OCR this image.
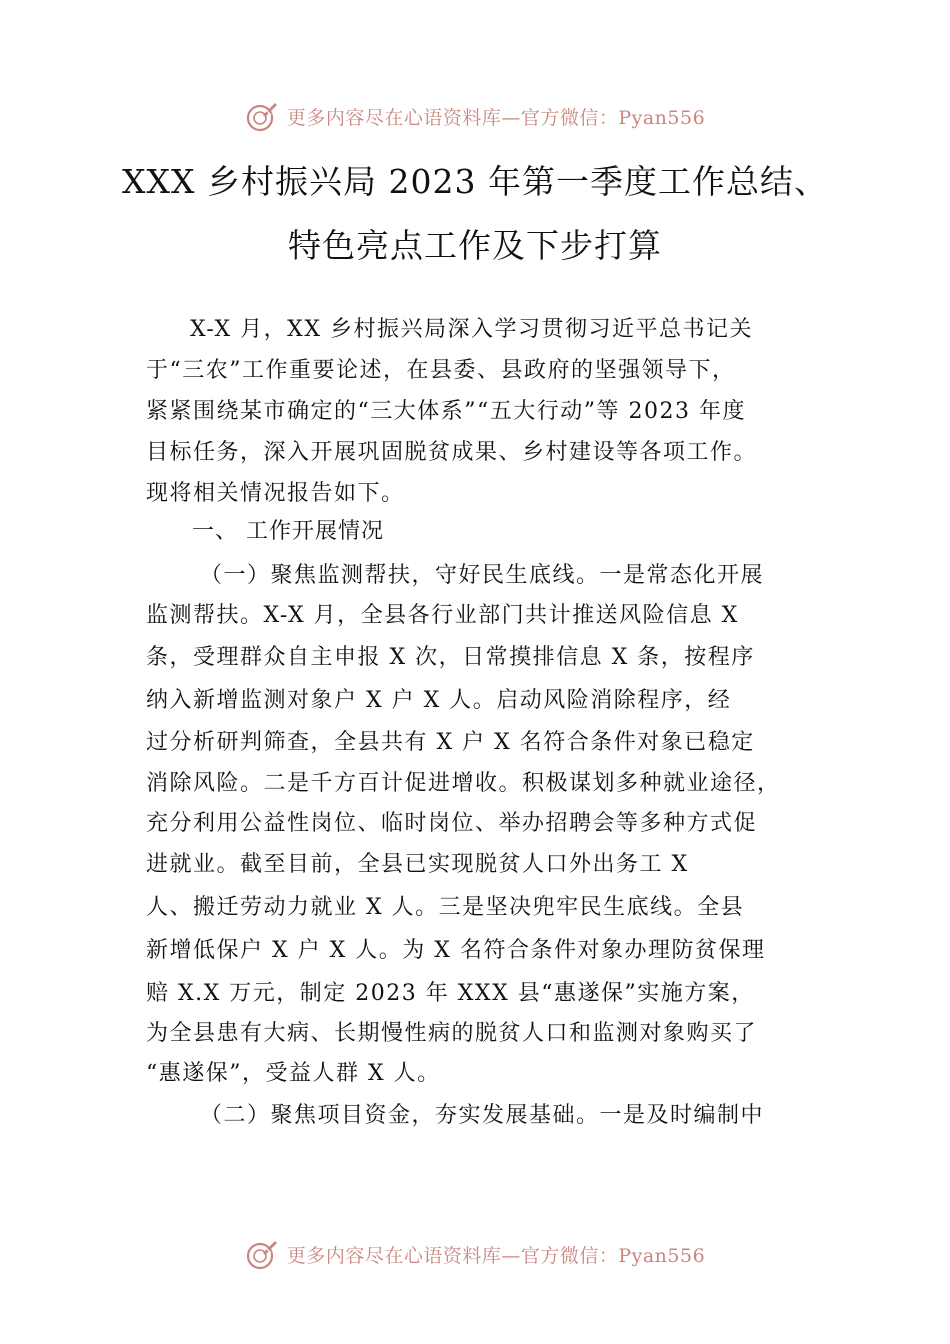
更多内容尽在心语资料库—官方微信：Pyan556
XXX 乡村振兴局 2023 年第一季度工作总结、
特色亮点工作及下步打算
X-X 月，XX 乡村振兴局深入学习贯彻习近平总书记关
于“三农”工作重要论述，在县委、县政府的坚强领导下，
紧紧围绕某市确定的“三大体系”“五大行动”等 2023 年度
目标任务，深入开展巩固脱贫成果、乡村建设等各项工作。
现将相关情况报告如下。
一、 工作开展情况
（一）聚焦监测帮扶，守好民生底线。一是常态化开展
监测帮扶。X-X 月，全县各行业部门共计推送风险信息 X
条，受理群众自主申报 X 次，日常摸排信息 X 条，按程序
纳入新增监测对象户 X 户 X 人。启动风险消除程序，经
过分析研判筛查，全县共有 X 户 X 名符合条件对象已稳定
消除风险。二是千方百计促进增收。积极谋划多种就业途径，
充分利用公益性岗位、临时岗位、举办招聘会等多种方式促
进就业。截至目前，全县已实现脱贫人口外出务工 X
人、搬迁劳动力就业 X 人。三是坚决兜牢民生底线。全县
新增低保户 X 户 X 人。为 X 名符合条件对象办理防贫保理
赔 X.X 万元，制定 2023 年 XXX 县“惠遂保”实施方案，
为全县患有大病、长期慢性病的脱贫人口和监测对象购买了
“惠遂保”，受益人群 X 人。
（二）聚焦项目资金，夯实发展基础。一是及时编制中
更多内容尽在心语资料库—官方微信：Pyan556
